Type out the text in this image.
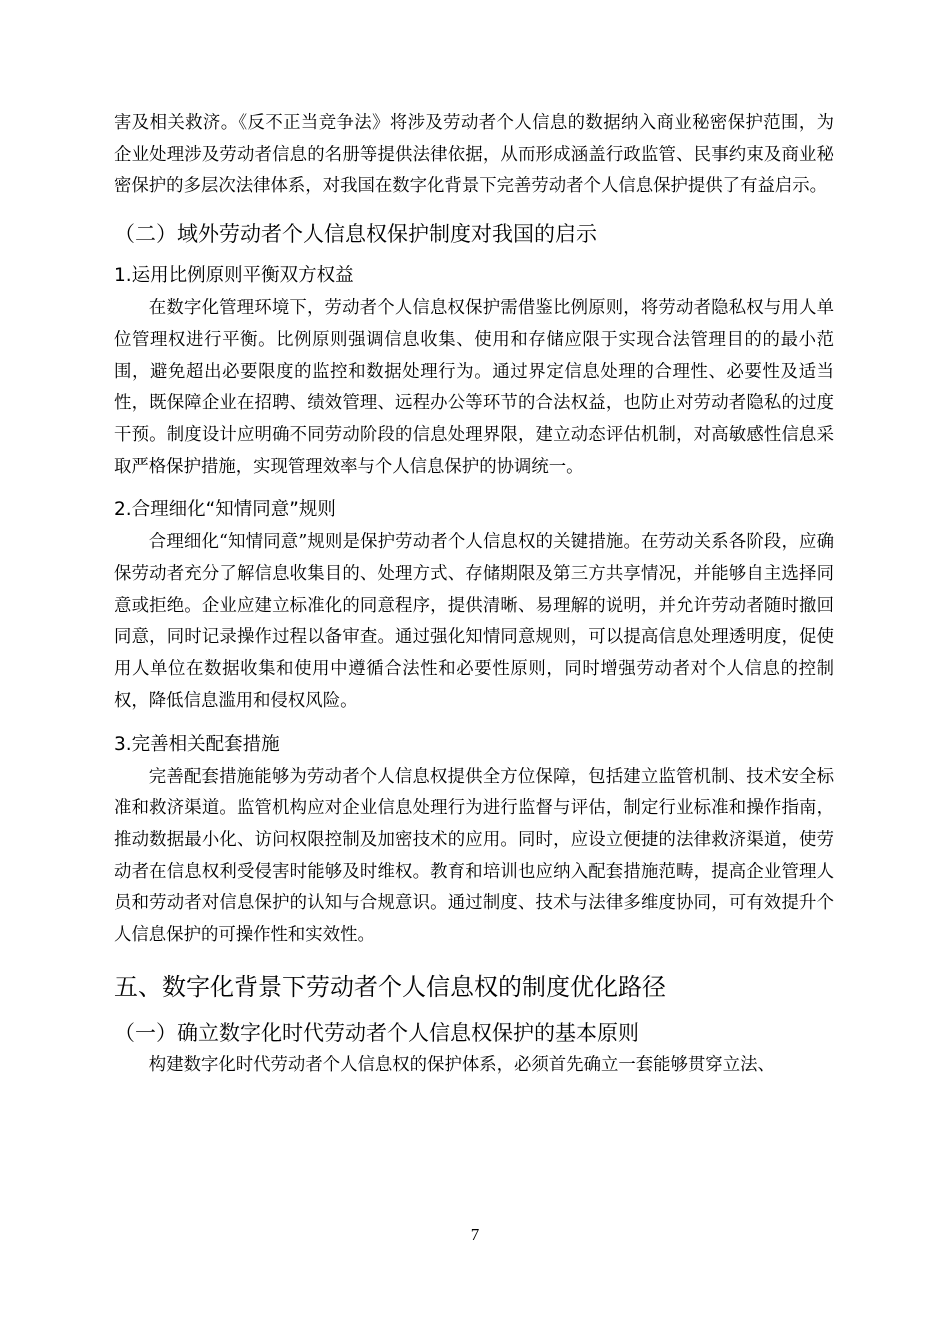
害及相关救济。《反不正当竞争法》将涉及劳动者个人信息的数据纳入商业秘密保护范围，为企业处理涉及劳动者信息的名册等提供法律依据，从而形成涵盖行政监管、民事约束及商业秘密保护的多层次法律体系，对我国在数字化背景下完善劳动者个人信息保护提供了有益启示。

（二）域外劳动者个人信息权保护制度对我国的启示
1.运用比例原则平衡双方权益

在数字化管理环境下，劳动者个人信息权保护需借鉴比例原则，将劳动者隐私权与用人单位管理权进行平衡。比例原则强调信息收集、使用和存储应限于实现合法管理目的的最小范围，避免超出必要限度的监控和数据处理行为。通过界定信息处理的合理性、必要性及适当性，既保障企业在招聘、绩效管理、远程办公等环节的合法权益，也防止对劳动者隐私的过度干预。制度设计应明确不同劳动阶段的信息处理界限，建立动态评估机制，对高敏感性信息采取严格保护措施，实现管理效率与个人信息保护的协调统一。

2.合理细化“知情同意”规则

合理细化“知情同意”规则是保护劳动者个人信息权的关键措施。在劳动关系各阶段，应确保劳动者充分了解信息收集目的、处理方式、存储期限及第三方共享情况，并能够自主选择同意或拒绝。企业应建立标准化的同意程序，提供清晰、易理解的说明，并允许劳动者随时撤回同意，同时记录操作过程以备审查。通过强化知情同意规则，可以提高信息处理透明度，促使用人单位在数据收集和使用中遵循合法性和必要性原则，同时增强劳动者对个人信息的控制权，降低信息滥用和侵权风险。

3.完善相关配套措施

完善配套措施能够为劳动者个人信息权提供全方位保障，包括建立监管机制、技术安全标准和救济渠道。监管机构应对企业信息处理行为进行监督与评估，制定行业标准和操作指南，推动数据最小化、访问权限控制及加密技术的应用。同时，应设立便捷的法律救济渠道，使劳动者在信息权利受侵害时能够及时维权。教育和培训也应纳入配套措施范畴，提高企业管理人员和劳动者对信息保护的认知与合规意识。通过制度、技术与法律多维度协同，可有效提升个人信息保护的可操作性和实效性。

五、数字化背景下劳动者个人信息权的制度优化路径
（一）确立数字化时代劳动者个人信息权保护的基本原则

构建数字化时代劳动者个人信息权的保护体系，必须首先确立一套能够贯穿立法、

7
